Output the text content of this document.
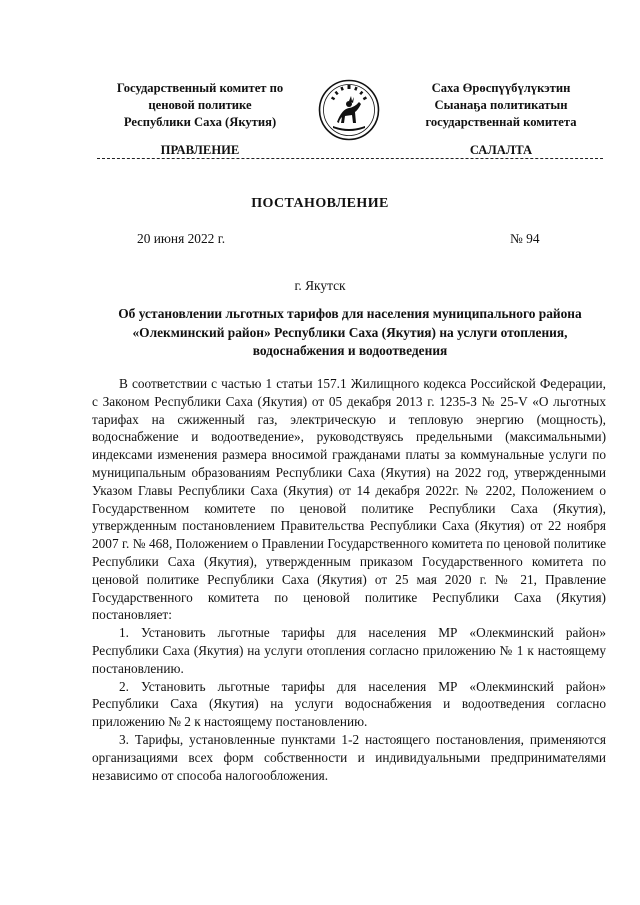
Государственный комитет по
ценовой политике
Республики Саха (Якутия)
Саха Өрөспүүбүлүкэтин
Сыанаҕа политикатын
государственнай комитета
ПРАВЛЕНИЕ	САЛАЛТА
ПОСТАНОВЛЕНИЕ
20 июня 2022 г.	№ 94
г. Якутск
Об установлении льготных тарифов для населения муниципального района «Олекминский район» Республики Саха (Якутия) на услуги отопления, водоснабжения и водоотведения

В соответствии с частью 1 статьи 157.1 Жилищного кодекса Российской Федерации, с Законом Республики Саха (Якутия) от 05 декабря 2013 г. 1235-З № 25-V «О льготных тарифах на сжиженный газ, электрическую и тепловую энергию (мощность), водоснабжение и водоотведение», руководствуясь предельными (максимальными) индексами изменения размера вносимой гражданами платы за коммунальные услуги по муниципальным образованиям Республики Саха (Якутия) на 2022 год, утвержденными Указом Главы Республики Саха (Якутия) от 14 декабря 2022г. № 2202, Положением о Государственном комитете по ценовой политике Республики Саха (Якутия), утвержденным постановлением Правительства Республики Саха (Якутия) от 22 ноября 2007 г. № 468, Положением о Правлении Государственного комитета по ценовой политике Республики Саха (Якутия), утвержденным приказом Государственного комитета по ценовой политике Республики Саха (Якутия) от 25 мая 2020 г. № 21, Правление Государственного комитета по ценовой политике Республики Саха (Якутия) постановляет:

1. Установить льготные тарифы для населения МР «Олекминский район» Республики Саха (Якутия) на услуги отопления согласно приложению № 1 к настоящему постановлению.

2. Установить льготные тарифы для населения МР «Олекминский район» Республики Саха (Якутия) на услуги водоснабжения и водоотведения согласно приложению № 2 к настоящему постановлению.

3. Тарифы, установленные пунктами 1-2 настоящего постановления, применяются организациями всех форм собственности и индивидуальными предпринимателями независимо от способа налогообложения.
